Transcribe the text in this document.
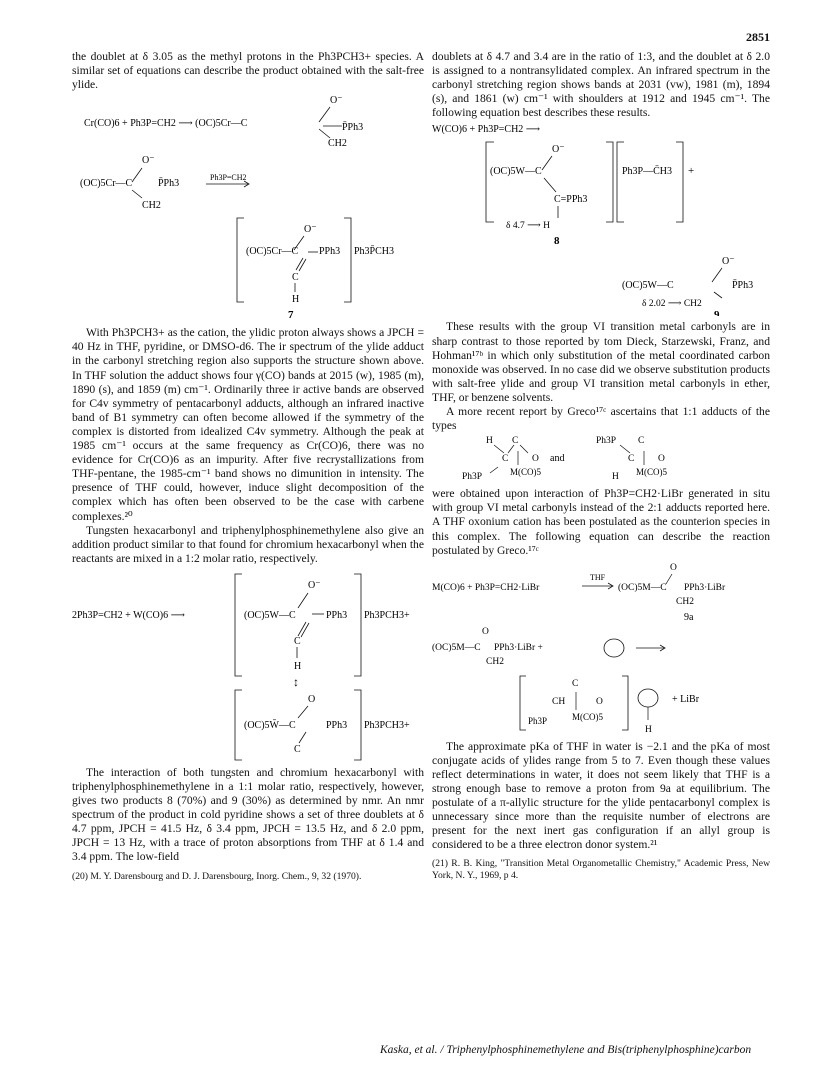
2851

the doublet at δ 3.05 as the methyl protons in the Ph3PCH3+ species. A similar set of equations can describe the product obtained with the salt-free ylide.

O⁻
Cr(CO)6 + Ph3P=CH2 ⟶ (OC)5Cr—C	P̄Ph3
CH2
O⁻
(OC)5Cr—C	P̄Ph3
Ph3P=CH2
CH2
O⁻
(OC)5Cr—C PPh3
C
H
Ph3P̄CH3
7

With Ph3PCH3+ as the cation, the ylidic proton always shows a JPCH = 40 Hz in THF, pyridine, or DMSO-d6. The ir spectrum of the ylide adduct in the carbonyl stretching region also supports the structure shown above. In THF solution the adduct shows four γ(CO) bands at 2015 (w), 1985 (m), 1890 (s), and 1859 (m) cm⁻¹. Ordinarily three ir active bands are observed for C4v symmetry of pentacarbonyl adducts, although an infrared inactive band of B1 symmetry can often become allowed if the symmetry of the complex is distorted from idealized C4v symmetry. Although the peak at 1985 cm⁻¹ occurs at the same frequency as Cr(CO)6, there was no evidence for Cr(CO)6 as an impurity. After five recrystallizations from THF-pentane, the 1985-cm⁻¹ band shows no dimunition in intensity. The presence of THF could, however, induce slight decomposition of the complex which has often been observed to be the case with carbene complexes.²⁰

Tungsten hexacarbonyl and triphenylphosphinemethylene also give an addition product similar to that found for chromium hexacarbonyl when the reactants are mixed in a 1:2 molar ratio, respectively.

2Ph3P=CH2 + W(CO)6 ⟶
O⁻
(OC)5W—C	PPh3 Ph3PCH3+
C
H
↕
O
(OC)5W̄—C	PPh3 Ph3PCH3+
C

The interaction of both tungsten and chromium hexacarbonyl with triphenylphosphinemethylene in a 1:1 molar ratio, respectively, however, gives two products 8 (70%) and 9 (30%) as determined by nmr. An nmr spectrum of the product in cold pyridine shows a set of three doublets at δ 4.7 ppm, JPCH = 41.5 Hz, δ 3.4 ppm, JPCH = 13.5 Hz, and δ 2.0 ppm, JPCH = 13 Hz, with a trace of proton absorptions from THF at δ 1.4 and 3.4 ppm. The low-field

(20) M. Y. Darensbourg and D. J. Darensbourg, Inorg. Chem., 9, 32 (1970).

doublets at δ 4.7 and 3.4 are in the ratio of 1:3, and the doublet at δ 2.0 is assigned to a nontransylidated complex. An infrared spectrum in the carbonyl stretching region shows bands at 2031 (vw), 1981 (m), 1894 (s), and 1861 (w) cm⁻¹ with shoulders at 1912 and 1945 cm⁻¹. The following equation best describes these results.

W(CO)6 + Ph3P=CH2 ⟶
O⁻
(OC)5W—C
C=PPh3
δ 4.7 ⟶ H
8
Ph3P—C̄H3 +
O⁻
(OC)5W—C	P̄Ph3
δ 2.02 ⟶ CH2
9

These results with the group VI transition metal carbonyls are in sharp contrast to those reported by tom Dieck, Starzewski, Franz, and Hohman¹⁷ᵇ in which only substitution of the metal coordinated carbon monoxide was observed. In no case did we observe substitution products with salt-free ylide and group VI transition metal carbonyls in ether, THF, or benzene solvents.

A more recent report by Greco¹⁷ᶜ ascertains that 1:1 adducts of the types

H C
C O
Ph3P	M(CO)5
and
Ph3P C
C O
H M(CO)5

were obtained upon interaction of Ph3P=CH2·LiBr generated in situ with group VI metal carbonyls instead of the 2:1 adducts reported here. A THF oxonium cation has been postulated as the counterion species in this complex. The following equation can describe the reaction postulated by Greco.¹⁷ᶜ

M(CO)6 + Ph3P=CH2·LiBr
THF
O
(OC)5M—C PPh3·LiBr
CH2
9a
O
(OC)5M—C PPh3·LiBr +
CH2
C
CH	O
Ph3P	M(CO)5
H
+ LiBr

The approximate pKa of THF in water is −2.1 and the pKa of most conjugate acids of ylides range from 5 to 7. Even though these values reflect determinations in water, it does not seem likely that THF is a strong enough base to remove a proton from 9a at equilibrium. The postulate of a π-allylic structure for the ylide pentacarbonyl complex is unnecessary since more than the requisite number of electrons are present for the next inert gas configuration if an allyl group is considered to be a three electron donor system.²¹

(21) R. B. King, "Transition Metal Organometallic Chemistry," Academic Press, New York, N. Y., 1969, p 4.

Kaska, et al. / Triphenylphosphinemethylene and Bis(triphenylphosphine)carbon
